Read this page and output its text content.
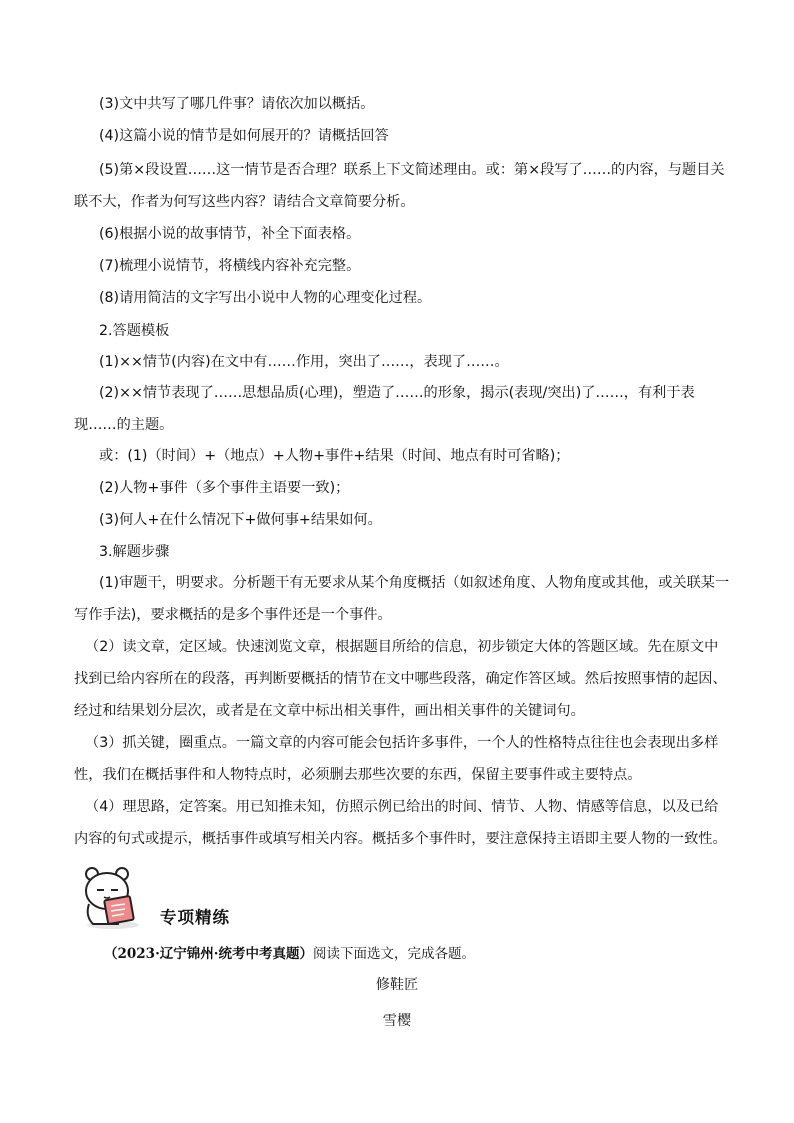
(3)文中共写了哪几件事？请依次加以概括。
(4)这篇小说的情节是如何展开的？请概括回答
(5)第×段设置……这一情节是否合理？联系上下文简述理由。或：第×段写了……的内容，与题目关
联不大，作者为何写这些内容？请结合文章简要分析。
(6)根据小说的故事情节，补全下面表格。
(7)梳理小说情节，将横线内容补充完整。
(8)请用简洁的文字写出小说中人物的心理变化过程。
2.答题模板
(1)××情节(内容)在文中有……作用，突出了……，表现了……。
(2)××情节表现了……思想品质(心理)，塑造了……的形象，揭示(表现/突出)了……，有利于表
现……的主题。
或：(1)（时间）+（地点）+人物+事件+结果（时间、地点有时可省略)；
(2)人物+事件（多个事件主语要一致)；
(3)何人+在什么情况下+做何事+结果如何。
3.解题步骤
(1)审题干，明要求。分析题干有无要求从某个角度概括（如叙述角度、人物角度或其他，或关联某一
写作手法)，要求概括的是多个事件还是一个事件。
（2）读文章，定区域。快速浏览文章，根据题目所给的信息，初步锁定大体的答题区域。先在原文中
找到已给内容所在的段落，再判断要概括的情节在文中哪些段落，确定作答区域。然后按照事情的起因、
经过和结果划分层次，或者是在文章中标出相关事件，画出相关事件的关键词句。
（3）抓关键，圈重点。一篇文章的内容可能会包括许多事件，一个人的性格特点往往也会表现出多样
性，我们在概括事件和人物特点时，必须删去那些次要的东西，保留主要事件或主要特点。
（4）理思路，定答案。用已知推未知，仿照示例已给出的时间、情节、人物、情感等信息，以及已给
内容的句式或提示，概括事件或填写相关内容。概括多个事件时，要注意保持主语即主要人物的一致性。
专项精练
（2023·辽宁锦州·统考中考真题）阅读下面选文，完成各题。
修鞋匠
雪樱
